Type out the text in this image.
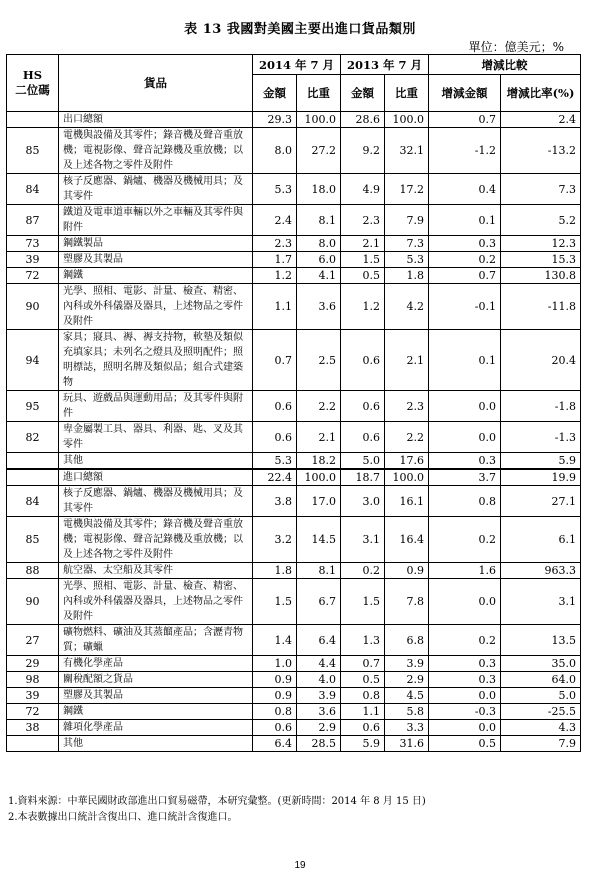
表 13 我國對美國主要出進口貨品類別
單位：億美元；%
HS
二位碼	貨品	2014 年 7 月		2013 年 7 月		增減比較	
		金額	比重	金額	比重	增減金額	增減比率(%)
	出口總額	29.3	100.0	28.6	100.0	0.7	2.4
85	電機與設備及其零件；錄音機及聲音重放機；電視影像、聲音記錄機及重放機；以及上述各物之零件及附件	8.0	27.2	9.2	32.1	-1.2	-13.2
84	核子反應器、鍋爐、機器及機械用具；及其零件	5.3	18.0	4.9	17.2	0.4	7.3
87	鐵道及電車道車輛以外之車輛及其零件與附件	2.4	8.1	2.3	7.9	0.1	5.2
73	鋼鐵製品	2.3	8.0	2.1	7.3	0.3	12.3
39	塑膠及其製品	1.7	6.0	1.5	5.3	0.2	15.3
72	鋼鐵	1.2	4.1	0.5	1.8	0.7	130.8
90	光學、照相、電影、計量、檢查、精密、內科或外科儀器及器具，上述物品之零件及附件	1.1	3.6	1.2	4.2	-0.1	-11.8
94	家具；寢具、褥、褥支持物，軟墊及類似充填家具；未列名之燈具及照明配件；照明標誌，照明名牌及類似品；組合式建築物	0.7	2.5	0.6	2.1	0.1	20.4
95	玩具、遊戲品與運動用品；及其零件與附件	0.6	2.2	0.6	2.3	0.0	-1.8
82	卑金屬製工具、器具、利器、匙、叉及其零件	0.6	2.1	0.6	2.2	0.0	-1.3
	其他	5.3	18.2	5.0	17.6	0.3	5.9
	進口總額	22.4	100.0	18.7	100.0	3.7	19.9
84	核子反應器、鍋爐、機器及機械用具；及其零件	3.8	17.0	3.0	16.1	0.8	27.1
85	電機與設備及其零件；錄音機及聲音重放機；電視影像、聲音記錄機及重放機；以及上述各物之零件及附件	3.2	14.5	3.1	16.4	0.2	6.1
88	航空器、太空船及其零件	1.8	8.1	0.2	0.9	1.6	963.3
90	光學、照相、電影、計量、檢查、精密、內科或外科儀器及器具，上述物品之零件及附件	1.5	6.7	1.5	7.8	0.0	3.1
27	礦物燃料、礦油及其蒸餾產品；含瀝青物質；礦蠟	1.4	6.4	1.3	6.8	0.2	13.5
29	有機化學產品	1.0	4.4	0.7	3.9	0.3	35.0
98	關稅配額之貨品	0.9	4.0	0.5	2.9	0.3	64.0
39	塑膠及其製品	0.9	3.9	0.8	4.5	0.0	5.0
72	鋼鐵	0.8	3.6	1.1	5.8	-0.3	-25.5
38	雜項化學產品	0.6	2.9	0.6	3.3	0.0	4.3
	其他	6.4	28.5	5.9	31.6	0.5	7.9
1.資料來源：中華民國財政部進出口貿易磁帶，本研究彙整。(更新時間：2014 年 8 月 15 日)
2.本表數據出口統計含復出口、進口統計含復進口。
19
